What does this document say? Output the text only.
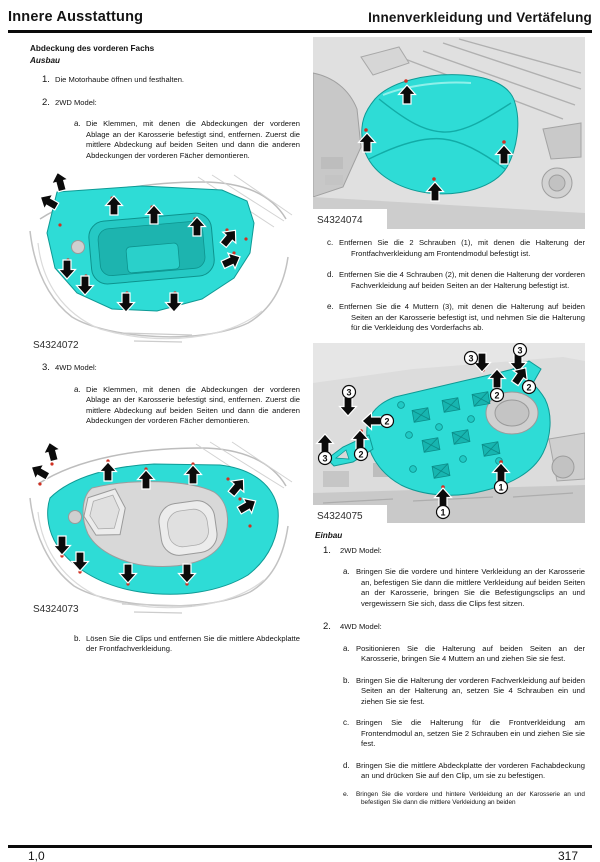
Innere Ausstattung	Innenverkleidung und Vertäfelung
Abdeckung des vorderen Fachs
Ausbau
1. Die Motorhaube öffnen und festhalten.
2. 2WD Model:
a. Die Klemmen, mit denen die Abdeckungen der vorderen Ablage an der Karosserie befestigt sind, entfernen. Zuerst die mittlere Abdeckung auf beiden Seiten und dann die anderen Abdeckungen der vorderen Fächer demontieren.
S4324072
3. 4WD Model:
a. Die Klemmen, mit denen die Abdeckungen der vorderen Ablage an der Karosserie befestigt sind, entfernen. Zuerst die mittlere Abdeckung auf beiden Seiten und dann die anderen Abdeckungen der vorderen Fächer demontieren.
S4324073
b. Lösen Sie die Clips und entfernen Sie die mittlere Abdeckplatte der Frontfachverkleidung.
S4324074
c. Entfernen Sie die 2 Schrauben (1), mit denen die Halterung der Frontfachverkleidung am Frontendmodul befestigt ist.
d. Entfernen Sie die 4 Schrauben (2), mit denen die Halterung der vorderen Fachverkleidung auf beiden Seiten an der Halterung befestigt ist.
e. Entfernen Sie die 4 Muttern (3), mit denen die Halterung auf beiden Seiten an der Karosserie befestigt ist, und nehmen Sie die Halterung für die Verkleidung des Vorderfachs ab.
3
3
2
2
3
2
2
3
1
1
S4324075
Einbau
1.	2WD Model:
a. Bringen Sie die vordere und hintere Verkleidung an der Karosserie an, befestigen Sie dann die mittlere Verkleidung auf beiden Seiten an der Karosserie, bringen Sie die Befestigungsclips an und vergewissern Sie sich, dass die Clips fest sitzen.
2.	4WD Model:
a. Positionieren Sie die Halterung auf beiden Seiten an der Karosserie, bringen Sie 4 Muttern an und ziehen Sie sie fest.
b. Bringen Sie die Halterung der vorderen Fachverkleidung auf beiden Seiten an der Halterung an, setzen Sie 4 Schrauben ein und ziehen Sie sie fest.
c. Bringen Sie die Halterung für die Frontverkleidung am Frontendmodul an, setzen Sie 2 Schrauben ein und ziehen Sie sie fest.
d. Bringen Sie die mittlere Abdeckplatte der vorderen Fachabdeckung an und drücken Sie auf den Clip, um sie zu befestigen.
e.	Bringen Sie die vordere und hintere Verkleidung an der Karosserie an und befestigen Sie dann die mittlere Verkleidung an beiden
1,0	317
